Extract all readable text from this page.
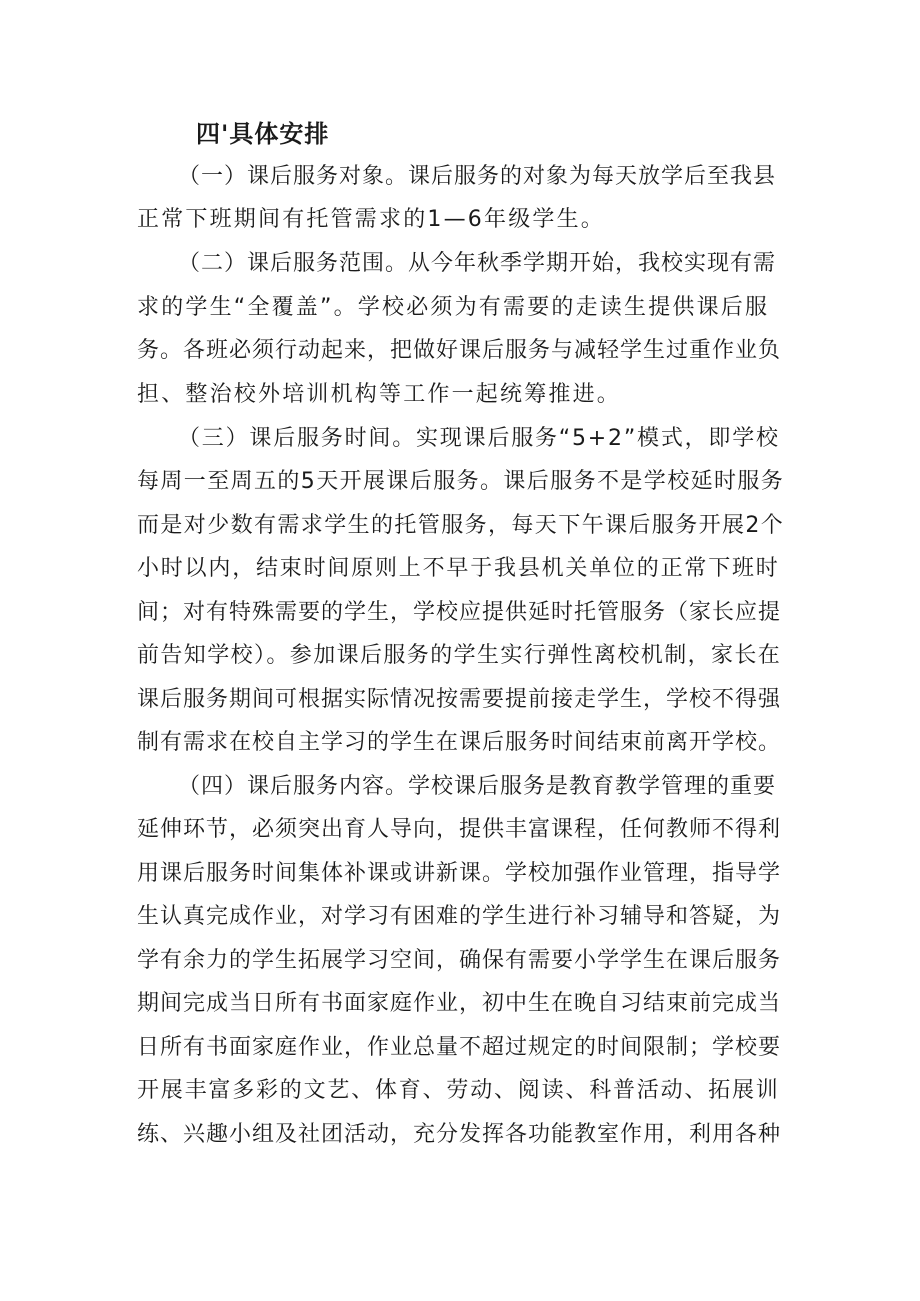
四'具体安排
（一）课后服务对象。课后服务的对象为每天放学后至我县
正常下班期间有托管需求的1—6年级学生。
（二）课后服务范围。从今年秋季学期开始，我校实现有需
求的学生“全覆盖”。学校必须为有需要的走读生提供课后服
务。各班必须行动起来，把做好课后服务与减轻学生过重作业负
担、整治校外培训机构等工作一起统筹推进。
（三）课后服务时间。实现课后服务“5+2”模式，即学校
每周一至周五的5天开展课后服务。课后服务不是学校延时服务
而是对少数有需求学生的托管服务，每天下午课后服务开展2个
小时以内，结束时间原则上不早于我县机关单位的正常下班时
间；对有特殊需要的学生，学校应提供延时托管服务（家长应提
前告知学校）。参加课后服务的学生实行弹性离校机制，家长在
课后服务期间可根据实际情况按需要提前接走学生，学校不得强
制有需求在校自主学习的学生在课后服务时间结束前离开学校。
（四）课后服务内容。学校课后服务是教育教学管理的重要
延伸环节，必须突出育人导向，提供丰富课程，任何教师不得利
用课后服务时间集体补课或讲新课。学校加强作业管理，指导学
生认真完成作业，对学习有困难的学生进行补习辅导和答疑，为
学有余力的学生拓展学习空间，确保有需要小学学生在课后服务
期间完成当日所有书面家庭作业，初中生在晚自习结束前完成当
日所有书面家庭作业，作业总量不超过规定的时间限制；学校要
开展丰富多彩的文艺、体育、劳动、阅读、科普活动、拓展训
练、兴趣小组及社团活动，充分发挥各功能教室作用，利用各种
